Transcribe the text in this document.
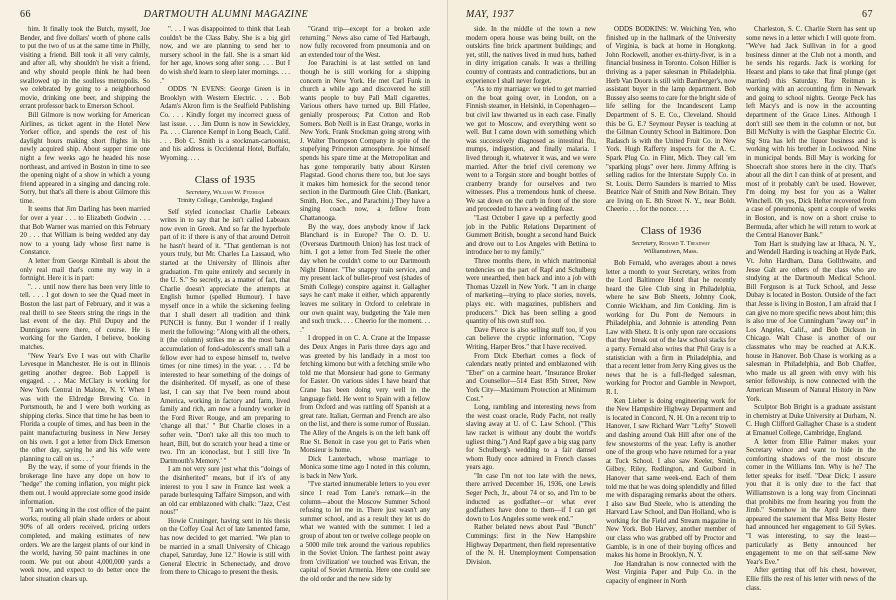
66	DARTMOUTH ALUMNI MAGAZINE

him. It finally took the Butch, myself, Joe Bender, and five dollars' worth of phone calls to put the two of us at the same time in Philly, visiting a friend. Bill took it all very calmly, and after all, why shouldn't he visit a friend, and why should people think he had been swallowed up in the soulless metropolis. So we celebrated by going to a neighborhood movie, drinking one beer, and shipping the errant professor back to Emerson School.

Bill Gilmore is now working for American Airlines, as ticket agent in the Hotel New Yorker office, and spends the rest of his daylight hours making short flights in his newly acquired ship. About supper time one night a few weeks ago he headed his nose northeast, and arrived in Boston in time to see the opening night of a show in which a young friend appeared in a singing and dancing role. Sorry, but that's all there is about Gilmore this time.

It seems that Jim Darling has been married for over a year . . . to Elizabeth Godwin . . . that Bob Warner was married on this February 20 . . . that William is being wedded any day now to a young lady whose first name is Constance.

A letter from George Kimball is about the only real mail that's come my way in a fortnight. Here it is in part:

". . . until now there has been very little to tell. . . . I got down to see the Quad meet in Boston the last part of February, and it was a real thrill to see Steers string the rings in the last event of the day. Phil Dupuy and the Dunnigans were there, of course. He is working for the Garden, I believe, booking matches.

"New Year's Eve I was out with Charlie Levesque in Manchester. He is out in Illinois getting another degree. Bob Lappell is engaged. . . . Mac McClary is working for New York Central in Malone, N. Y. When I was with the Eldredge Brewing Co. in Portsmouth, he and I were both working as shipping clerks. Since that time he has been to Florida a couple of times, and has been in the paint manufacturing business in New Jersey on his own. I got a letter from Dick Emerson the other day, saying he and his wife were planning to call on us. . . ."

By the way, if some of your friends in the brokerage line have any dope on how to "hedge" the coming inflation, you might pick them out. I would appreciate some good inside information.

"I am working in the cost office of the paint works, routing all plain shade orders or about 90% of all orders received, pricing orders completed, and making estimates of new orders. We are the largest plants of our kind in the world, having 50 paint machines in one room. We put out about 4,000,000 yards a week now, and expect to do better once the labor situation clears up.

". . . I was disappointed to think that Leah couldn't be the Class Baby. She is a big girl now, and we are planning to send her to nursery school in the fall. She is a smart kid for her age, knows song after song. . . . But I do wish she'd learn to sleep later mornings. . . . ."

ODDS 'N EVENS: George Green is in Brooklyn with Western Electric. . . . Bob Adam's Akron firm is the Sealfield Publishing Co. . . . Kindly forget my incorrect guess of last issue. . . . Jim Dunn is now in Sewickley, Pa. . . . Clarence Kempf in Long Beach, Calif. . . . Bob C. Smith is a stockman-cartoonist, and his address is Occidental Hotel, Buffalo, Wyoming. . . .

Class of 1935

Secretary, William W. Fitzhugh

Trinity College, Cambridge, England

Self styled iconoclast Charlie Lebeaux writes in to say that he isn't called Labeaux now even in Greek. And so far the hyperbole part of it: if there is any of that around Detroit he hasn't heard of it. "That gentleman is not yours truly, but Mr. Charles La Lassaud, who started at the University of Illinois after graduation. I'm quite entirely and securely in the U. S." So secretly, as a matter of fact, that Charlie doesn't appreciate the attempts at English humor (spelled Humour). I have myself once in a while the sickening feeling that I shall desert all tradition and think PUNCH is funny. But I wonder if I really merit the following: "Along with all the others, it (the column) strikes me as the most banal accumulation of fond-adolescent's small talk a fellow ever had to expose himself to, twelve times (or nine times) in the year. . . . I'd be interested to hear something of the doings of the disinherited. Of myself, as one of these last, I can say that I've been round about America, working in factory and farm, lived family and rich, am now a foundry worker in the Ford River Rouge, and am preparing to 'change all that.' " But Charlie closes in a softer vein. "Don't take all this too much to heart, Bill, but do scratch your head a time or two. I'm an iconoclast, but I still live 'In Dartmouth's Memory.' "

I am not very sure just what this "doings of the disinherited" means, but if it's of any interest to you I saw in France last week a parade burlesquing Taffaire Simpson, and with an old car emblazoned with chalk: "Jazz, C'est nous!"

Howie Cruninger, having sent in his thesis on the Coffey Coal Act of late lamented fame, has now decided to get married. "We plan to be married in a small University of Chicago chapel, Saturday, June 12." Howie is still with General Electric in Schenectady, and drove from there to Chicago to present the thesis.

"Grand trip—except for a broken axle returning." News also came of Ted Harbaugh, now fully recovered from pneumonia and on an extended tour of the West.

Joe Parachini is at last settled on land though he is still working for a shipping concern in New York. He met Carl Funk in church a while ago and discovered he still wants people to buy Pall Mall cigarettes. Various others have turned up. Bill Ffatlee, genially prosperous; Pat Cotton and Rob Somers. Bob Neill is in East Orange, works in New York. Frank Stockman going strong with J. Walter Thompson Company in spite of the stupefying Princeton atmosphere. Joe himself spends his spare time at the Metropolitan and has gone temporarily batty about Kirsten Flagstad. Good chorus there too, but Joe says it makes him homesick for the second tenor section in the Dartmouth Glee Club. (Bankart, Smith, Hon. Sec., and Parachini.) They have a singing coach now, a fellow from Chattanooga.

By the way, does anybody know if Jack Blanchard is in Europe? The O. D. U. (Overseas Dartmouth Union) has lost track of him. I got a letter from Ted Steele the other day when he couldn't come to our Dartmouth Night Dinner. "The snappy train service, and my present lack of bullet-proof vest (shades of Smith College) conspire against it. Gallagher says he can't make it either, which apparently leaves me solitary in Oxford to celebrate in our own quaint way, budgeting the Yale men and such truck. . . . Cheerio for the moment. . . ."

I dropped in on C. A. Crane at the Impasse des Deux Anges in Paris three days ago and was greeted by his landlady in a most too fetching kimono but with a fetching smile who told me that Monsieur had gone to Germany for Easter. On various sides I have heard that Crane has been doing very well in the language field. He went to Spain with a fellow from Oxford and was rattling off Spanish at a great rate. Italian, German and French are also on the list, and there is some rumor of Russian. The Alley of the Angels is on the left bank off Rue St. Benoit in case you get to Paris when Monsieur is home.

Dick Lauterbach, whose marriage to Monica some time ago I noted in this column, is back in New York.

"I've started innumerable letters to you ever since I read Tom Lane's remark—in the column—about the Moscow Summer School refusing to let me in. There just wasn't any summer school, and as a result they let us do what we wanted with the summer. I led a group of about ten or twelve college people on a 5000 mile trek around the various republics in the Soviet Union. The farthest point away from 'civilization' we touched was Erivan, the capital of Soviet Armenia. Here one could see the old order and the new side by

MAY, 1937	67

side. In the middle of the town a new modern opera house was being built, on the outskirts fine brick apartment buildings; and yet, still, the natives lived in mud huts, bathed in dirty irrigation canals. It was a thrilling country of contrasts and contradictions, but an experience I shall never forget.

"As to my marriage: we tried to get married on the boat going over, in London, on a Finnish steamer, in Helsinki, in Copenhagen—but civil law thwarted us in each case. Finally we got to Moscow, and everything went so well. But I came down with something which was successively diagnosed as intestinal flu, mumps, indigestion, and finally malaria. I lived through it, whatever it was, and we were married. After the brief civil ceremony we went to a Torgsin store and bought bottles of cranberry brandy for ourselves and two witnesses. Plus a tremendous hunk of cheese. We sat down on the curb in front of the store and proceeded to have a wedding feast.

"Last October I gave up a perfectly good job in the Public Relations Department of Gummett British, bought a second hand Buick and drove out to Los Angeles with Bettina to introduce her to my family."

Three months there, in which matrimonial tendencies on the part of Rapf and Schulberg were unearthed, then back and into a job with Thomas Uzzell in New York. "I am in charge of marketing—trying to place stories, novels, plays etc. with magazines, publishers and producers." Dick has been selling a good quantity of his own stuff too.

Dave Pierce is also selling stuff too, if you can believe the cryptic information, "Copy Writing, Harper Bros." that I have received.

From Dick Eberhart comes a flock of calendars neatly printed and emblazoned with "Eber" on a carmine heart. "Insurance Broker and Counsellor—514 East 85th Street, New York City—Maximum Protection at Minimum Cost."

Long, rambling and interesting news from the west coast oracle, Rudy Pacht, not really slaving away at U. of C. Law School. ("This law racket is without any doubt the world's ugliest thing.") And Rapf gave a big stag party for Schulberg's wedding to a fair damsel whom Rudy once admired in French classes years ago.

"In case I'm not too late with the news, there arrived December 16, 1936, one Lewis Seger Pech, Jr., about 74 or so, and I'm to be inducted as godfather—or what ever godfathers have done to them—if I can get down to Los Angeles some week end."

Rather belated news about Paul "Bunch" Cummings: first in the New Hampshire Highway Department, then field representative of the N. H. Unemployment Compensation Division.

ODDS BODKINS: W. Weiching Yen, who finished up in the hallmark of the University of Virginia, is back at home in Hongkong. John Rockwell, another ex-thirty-fiver, is in a financial business in Toronto. Colson Hillier is thriving as a paper salesman in Philadelphia. Herb Van Doorn is still with Bamberger's, now assistant buyer in the lamp department. Bob Bussey also seems to care for the bright side of life selling for the Incandescent Lamp Department of S. E. Co., Cleveland. Should this be G. E.? Seymour Peyser is teaching at the Gilman Country School in Baltimore. Don Radasch is with the United Fruit Co. in New York. Hugh Rafferty inspects for the A. C. Spark Plug Co. in Flint, Mich. They call 'em "sparking plugs" over here. Jimmy Affring is selling radios for the Interstate Supply Co. in St. Louis. Derro Saunders is married to Miss Beatrice Nair of Smith and New Britain. They are living on E. 8th Street N. Y., near Boldt. Cheerio . . . for the nonce. . . .

Class of 1936

Secretary, Richard T. Treadway

Williamstown, Mass.

Bob Fernald, who averages about a news letter a month to your Secretary, writes from the Lord Baltimore Hotel that he recently heard the Glee Club sing in Philadelphia, where he saw Bob Sheets, Johnny Cook, Connie Wickham, and Jim Conkling. Jim is working for Du Pont de Nemours in Philadelphia, and Johnnie is attending Penn Law with Shetz. It is only upon rare occasions that they break out of the law school stacks for a party. Fernald also writes that Phil Gray is a statistician with a firm in Philadelphia, and that a recent letter from Jerry King gives us the news that he is a full-fledged salesman, working for Proctor and Gamble in Newport, R. I.

Ken Lieber is doing engineering work for the New Hampshire Highway Department and is located in Concord, N. H. On a recent trip to Hanover, I saw Richard Warr "Lefty" Stowell and dashing around Oak Hill after one of the few snowstorms of the year. Lefty is another one of the group who have returned for a year at Tuck School. I also saw Keeler, Smith, Gilbey, Riley, Redlington, and Guibord in Hanover that same week-end. Each of them told me that he was doing splendidly and filled me with disparaging remarks about the others. I also saw Bud Steele, who is attending the Harvard Law School, and Dan Holland, who is working for the Field and Stream magazine in New York. Bob Harvey, another member of our class who was grabbed off by Proctor and Gamble, is in one of their buying offices and makes his home in Brooklyn, N. Y.

Joe Handrahan is now connected with the West Virginia Paper and Pulp Co. in the capacity of engineer in North

Charleston, S. C. Charlie Stern has sent up some news in a letter which I will quote from. "We've had Jack Sullivan in for a good business dinner at the Club not a month, and he sends his regards. Jack is working for Hearst and plans to take that final plunge (get married) this Saturday. Ray Reitman is working with an accounting firm in Newark and going to school nights. George Peck has left Macy's and is now in the accounting department of the Grace Lines. Although I don't still see them in the column or not, but Bill McNulty is with the Gasphar Electric Co. Sig Stra has left the liquor business and is working with his brother in Lockwood. Nine in municipal bonds. Bill May is working for Shoecraft shoe stores here in the city. That's about all the dirt I can think of at present, and most of it probably can't be used. However, I'm doing my best for you as a Walter Winchell. Oh yes, Dick Hefter recovered from a case of pneumonia, spent a couple of weeks in Boston, and is now on a short cruise to Bermuda, after which he will return to work at the Central Hanover Bank."

Tom Hart is studying law at Ithaca, N. Y., and Wendell Harding is teaching at Hyde Park, Vt. John Hardham, Dana Gollthwaite, and Jesse Galt are others of the class who are studying at the Dartmouth Medical School. Bill Ferguson is at Tuck School, and Jesse Dubay is located in Boston. Outside of the fact that Jesse is living in Boston, I am afraid that I can give no more specific news about him; this is also true of Joe Cunningham "away out" in Los Angeles, Calif., and Bob Dickson in Chicago. Walt Chase is another of our classmates who may be reached at A.K.K. house in Hanover. Bob Chase is working as a salesman in Philadelphia, and Bob Chaffee, who made us all green with envy with his senior fellowship, is now connected with the American Museum of Natural History in New York.

Sculptor Bob Bright is a graduate assistant in chemistry at Duke University at Durham, N. C. Hugh Clifford Gallagher Chase is a student at Emanuel College, Cambridge, England.

A letter from Ellie Palmer makes your Secretary wince and want to hide in the comforting shadows of the most obscure corner in the Williams Inn. Why is he? The letter speaks for itself. "Dear Dick; I assure you that it is only due to the fact that Williamstown is a long way from Cincinnati that prohibits me from hearing you from the Jimb." Somehow in the April issue there appeared the statement that Miss Betty Hester had announced her engagement to Gil Sykes. "I was interesting, to say the least—particularly as Betty announced her engagement to me on that self-same New Year's Eve."

After getting that off his chest, however, Ellie fills the rest of his letter with news of the class.
